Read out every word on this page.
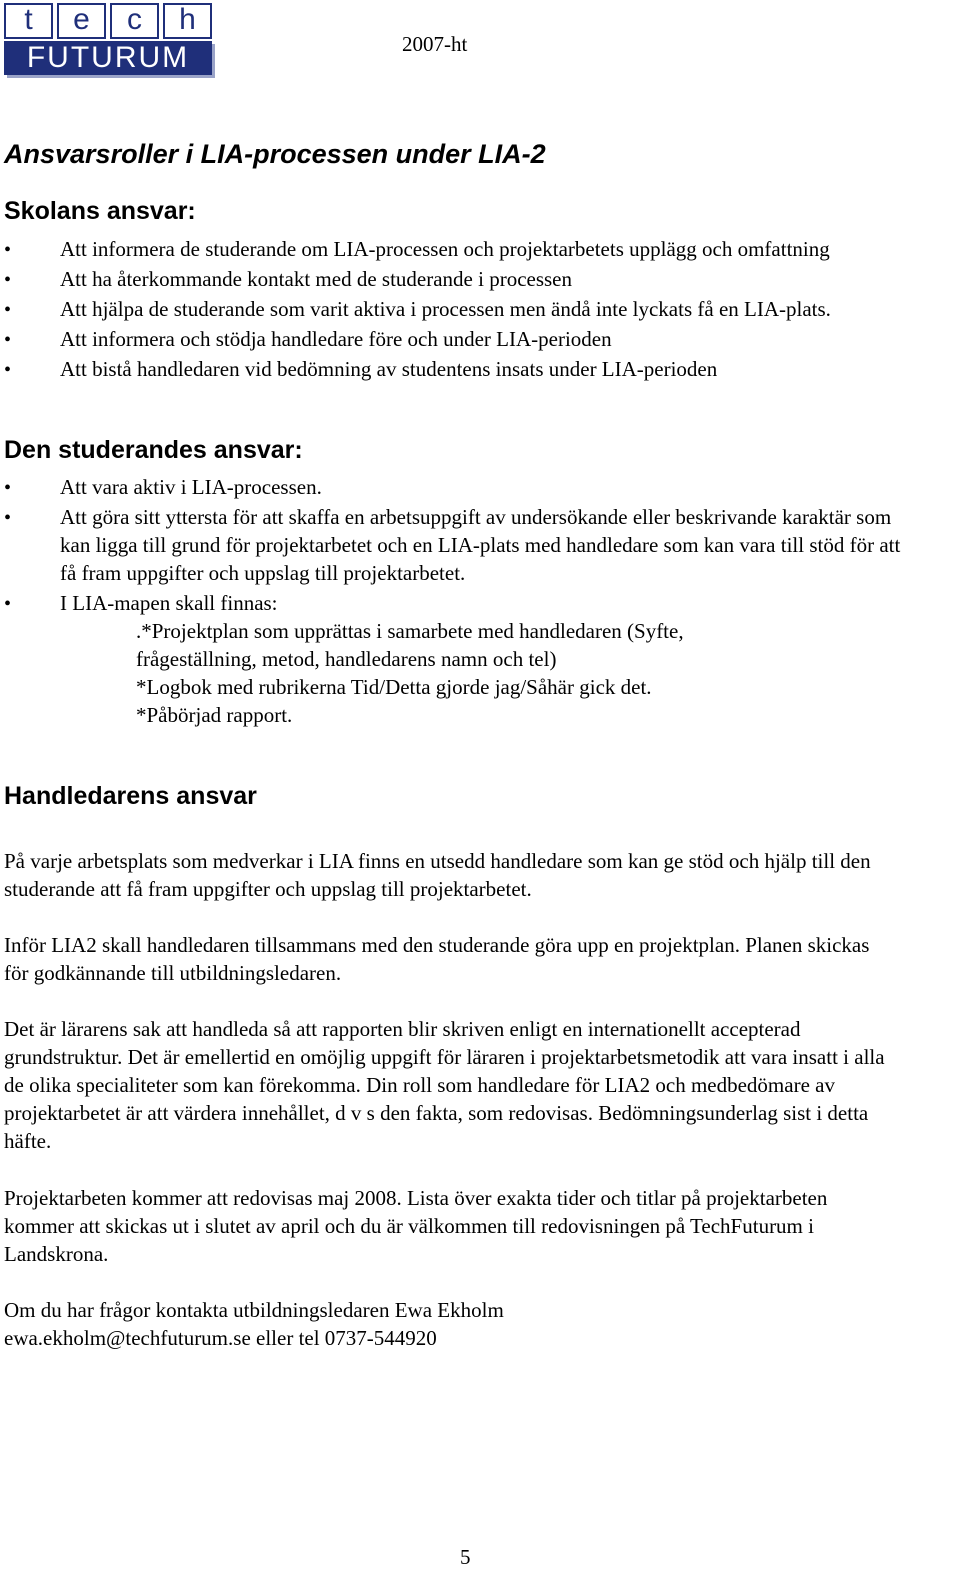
t	e	c	h
FUTURUM	2007-ht
Ansvarsroller i LIA-processen under LIA-2
Skolans ansvar:
•
Att informera de studerande om LIA-processen och projektarbetets upplägg och omfattning
•
Att ha återkommande kontakt med de studerande i processen
•
Att hjälpa de studerande som varit aktiva i processen men ändå inte lyckats få en LIA-plats.
•
Att informera och stödja handledare före och under LIA-perioden
•
Att bistå handledaren vid bedömning av studentens insats under LIA-perioden
Den studerandes ansvar:
•
Att vara aktiv i LIA-processen.
•
Att göra sitt yttersta för att skaffa en arbetsuppgift av undersökande eller beskrivande karaktär som kan ligga till grund för projektarbetet och en LIA-plats med handledare som kan vara till stöd för att få fram uppgifter och uppslag till projektarbetet.
•
I LIA-mapen skall finnas:
.*Projektplan som upprättas i samarbete med handledaren (Syfte,
frågeställning, metod, handledarens namn och tel)
*Logbok med rubrikerna Tid/Detta gjorde jag/Såhär gick det.
*Påbörjad rapport.
Handledarens ansvar

På varje arbetsplats som medverkar i LIA finns en utsedd handledare som kan ge stöd och hjälp till den studerande att få fram uppgifter och uppslag till projektarbetet.

Inför LIA2 skall handledaren tillsammans med den studerande göra upp en projektplan. Planen skickas för godkännande till utbildningsledaren.

Det är lärarens sak att handleda så att rapporten blir skriven enligt en internationellt accepterad grundstruktur. Det är emellertid en omöjlig uppgift för läraren i projektarbetsmetodik att vara insatt i alla de olika specialiteter som kan förekomma. Din roll som handledare för LIA2 och medbedömare av projektarbetet är att värdera innehållet, d v s den fakta, som redovisas. Bedömningsunderlag sist i detta häfte.

Projektarbeten kommer att redovisas maj 2008. Lista över exakta tider och titlar på projektarbeten kommer att skickas ut i slutet av april och du är välkommen till redovisningen på TechFuturum i Landskrona.

Om du har frågor kontakta utbildningsledaren Ewa Ekholm ewa.ekholm@techfuturum.se eller tel 0737-544920

5
